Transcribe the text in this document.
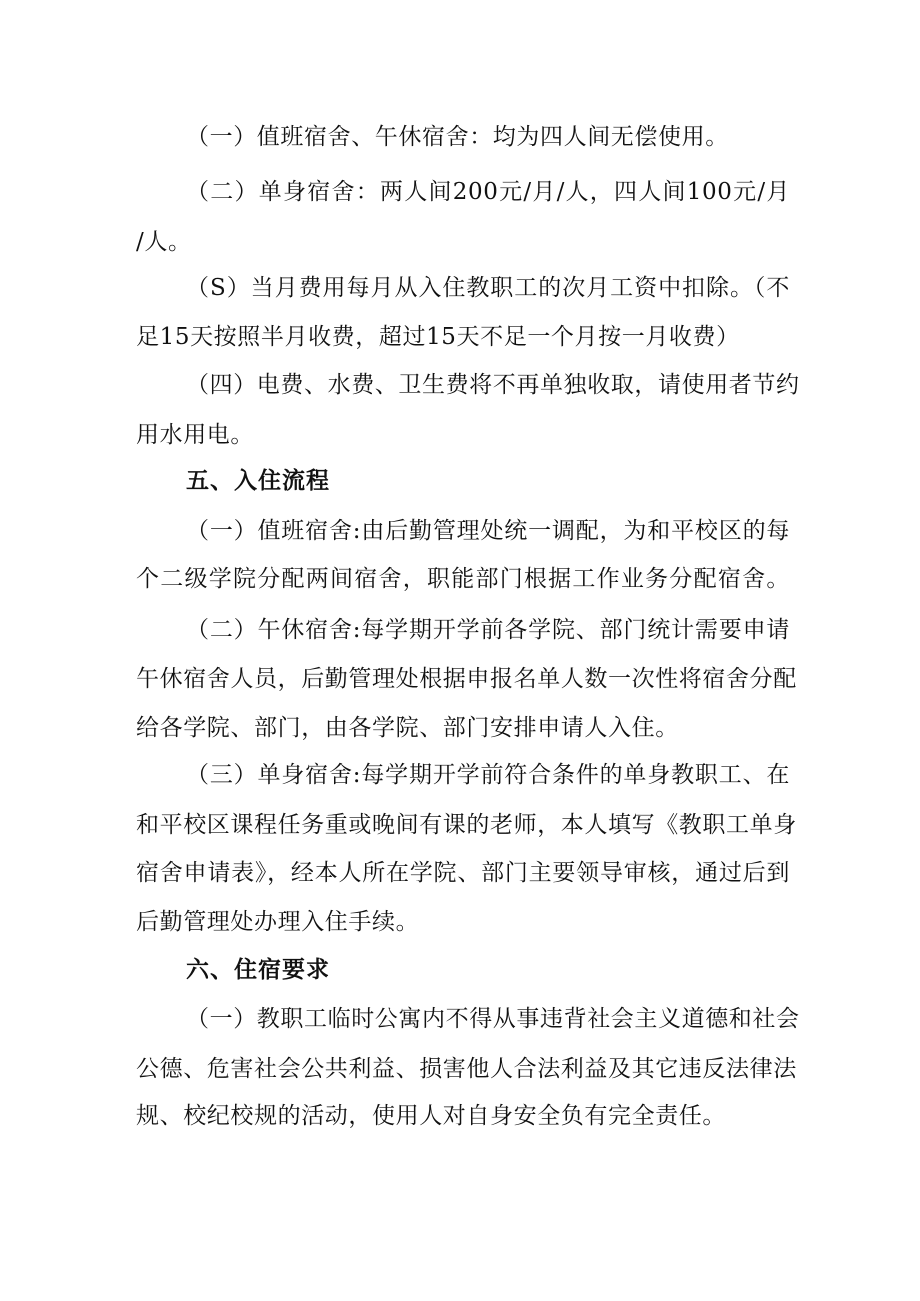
（一）值班宿舍、午休宿舍：均为四人间无偿使用。
（二）单身宿舍：两人间200元/月/人，四人间100元/月
/人。
（S）当月费用每月从入住教职工的次月工资中扣除。（不
足15天按照半月收费，超过15天不足一个月按一月收费）
（四）电费、水费、卫生费将不再单独收取，请使用者节约
用水用电。
五、入住流程
（一）值班宿舍:由后勤管理处统一调配，为和平校区的每
个二级学院分配两间宿舍，职能部门根据工作业务分配宿舍。
（二）午休宿舍:每学期开学前各学院、部门统计需要申请
午休宿舍人员，后勤管理处根据申报名单人数一次性将宿舍分配
给各学院、部门，由各学院、部门安排申请人入住。
（三）单身宿舍:每学期开学前符合条件的单身教职工、在
和平校区课程任务重或晚间有课的老师，本人填写《教职工单身
宿舍申请表》，经本人所在学院、部门主要领导审核，通过后到
后勤管理处办理入住手续。
六、住宿要求
（一）教职工临时公寓内不得从事违背社会主义道德和社会
公德、危害社会公共利益、损害他人合法利益及其它违反法律法
规、校纪校规的活动，使用人对自身安全负有完全责任。
